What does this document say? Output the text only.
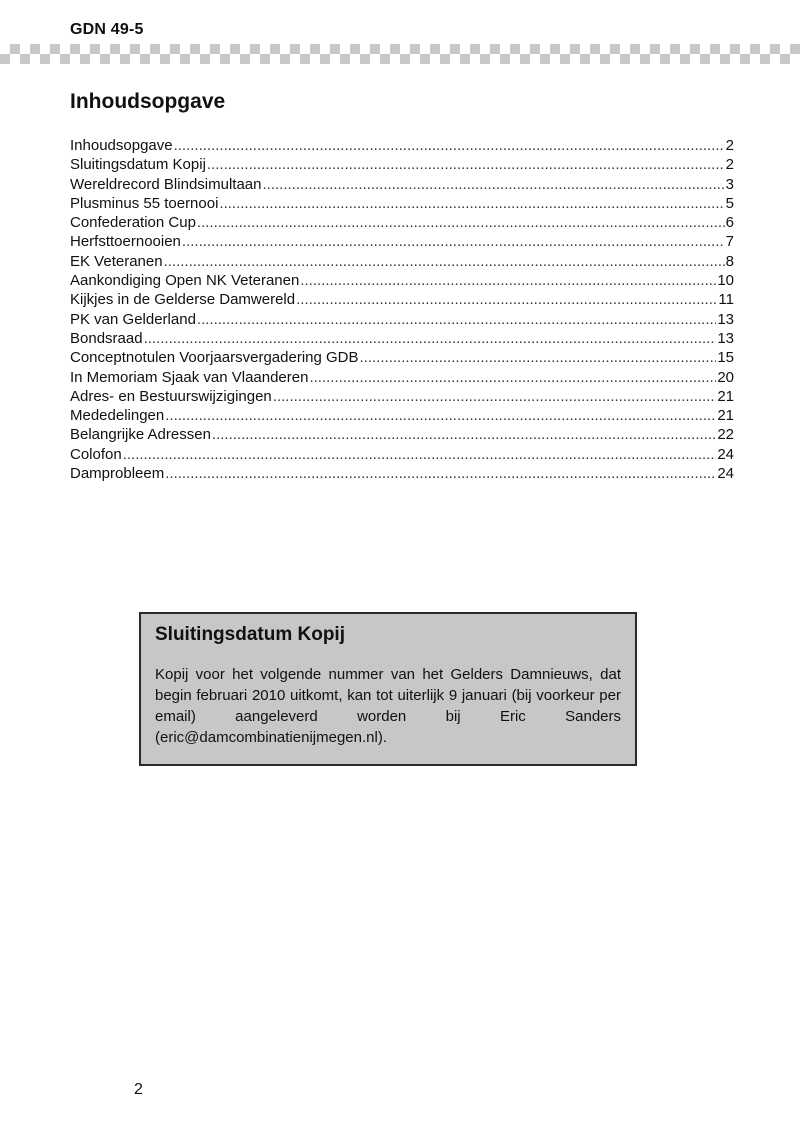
GDN 49-5
Inhoudsopgave
Inhoudsopgave .....	2
Sluitingsdatum Kopij .....	2
Wereldrecord Blindsimultaan .....	3
Plusminus 55 toernooi .....	5
Confederation Cup .....	6
Herfsttoernooien .....	7
EK Veteranen .....	8
Aankondiging Open NK Veteranen .....	10
Kijkjes in de Gelderse Damwereld .....	11
PK van Gelderland .....	13
Bondsraad .....	13
Conceptnotulen Voorjaarsvergadering GDB .....	15
In Memoriam Sjaak van Vlaanderen .....	20
Adres- en Bestuurswijzigingen .....	21
Mededelingen .....	21
Belangrijke Adressen .....	22
Colofon .....	24
Damprobleem .....	24
Sluitingsdatum Kopij

Kopij voor het volgende nummer van het Gelders Damnieuws, dat begin februari 2010 uitkomt, kan tot uiterlijk 9 januari (bij voorkeur per email) aangeleverd worden bij Eric Sanders (eric@damcombinatienijmegen.nl).

2
